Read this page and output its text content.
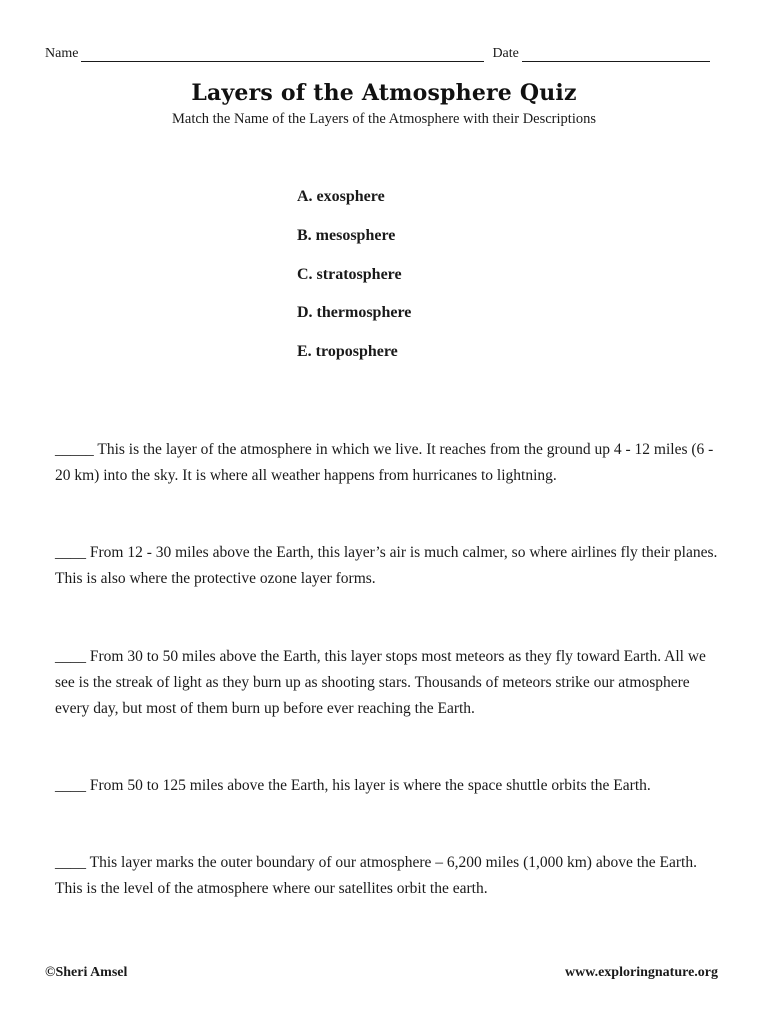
Name	Date
Layers of the Atmosphere Quiz
Match the Name of the Layers of the Atmosphere with their Descriptions
A. exosphere
B. mesosphere
C. stratosphere
D. thermosphere
E. troposphere

_____ This is the layer of the atmosphere in which we live. It reaches from the ground up 4 - 12 miles (6 - 20 km) into the sky. It is where all weather happens from hurricanes to lightning.

____ From 12 - 30 miles above the Earth, this layer’s air is much calmer, so where airlines fly their planes. This is also where the protective ozone layer forms.

____ From 30 to 50 miles above the Earth, this layer stops most meteors as they fly toward Earth. All we see is the streak of light as they burn up as shooting stars. Thousands of meteors strike our atmosphere every day, but most of them burn up before ever reaching the Earth.

____ From 50 to 125 miles above the Earth, his layer is where the space shuttle orbits the Earth.

____ This layer marks the outer boundary of our atmosphere – 6,200 miles (1,000 km) above the Earth. This is the level of the atmosphere where our satellites orbit the earth.

©Sheri Amsel	www.exploringnature.org
